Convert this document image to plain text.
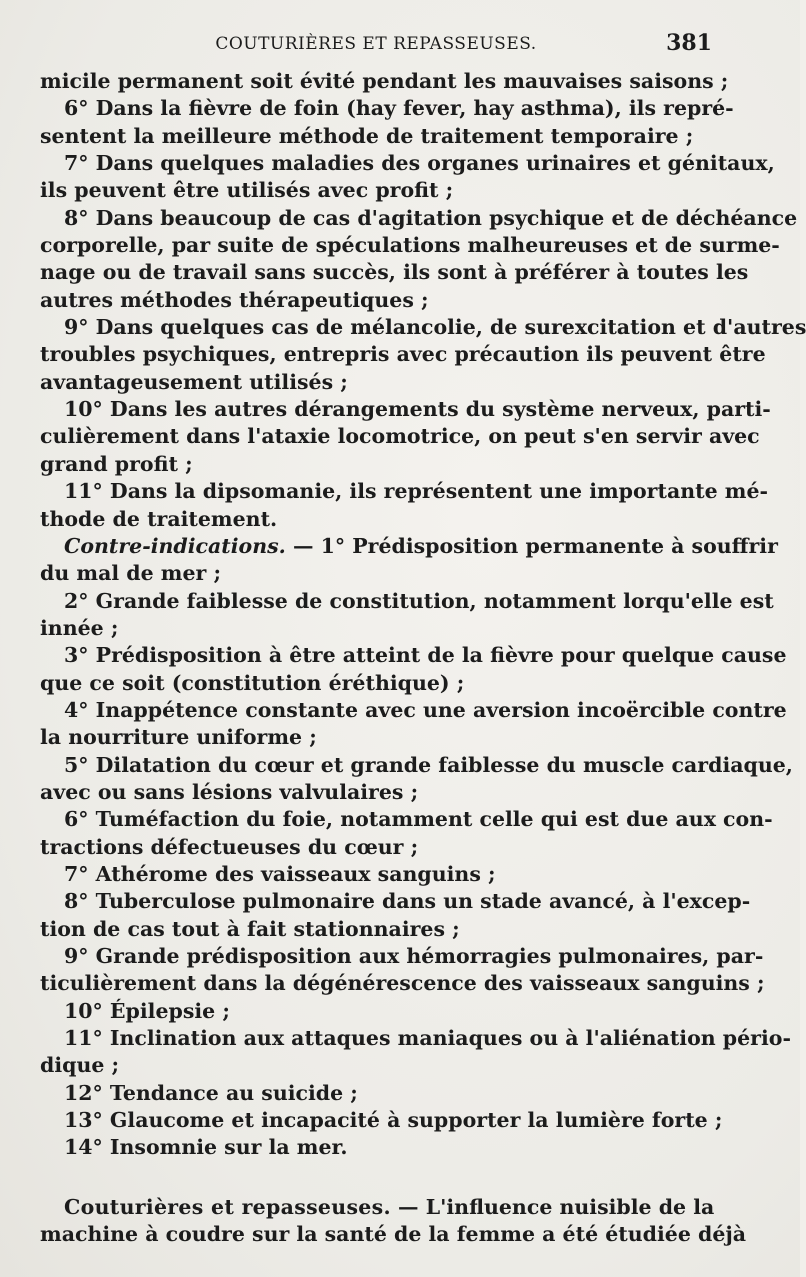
COUTURIÈRES ET REPASSEUSES.	381
micile permanent soit évité pendant les mauvaises saisons ;
6° Dans la fièvre de foin (hay fever, hay asthma), ils repré-
sentent la meilleure méthode de traitement temporaire ;
7° Dans quelques maladies des organes urinaires et génitaux,
ils peuvent être utilisés avec profit ;
8° Dans beaucoup de cas d'agitation psychique et de déchéance
corporelle, par suite de spéculations malheureuses et de surme-
nage ou de travail sans succès, ils sont à préférer à toutes les
autres méthodes thérapeutiques ;
9° Dans quelques cas de mélancolie, de surexcitation et d'autres
troubles psychiques, entrepris avec précaution ils peuvent être
avantageusement utilisés ;
10° Dans les autres dérangements du système nerveux, parti-
culièrement dans l'ataxie locomotrice, on peut s'en servir avec
grand profit ;
11° Dans la dipsomanie, ils représentent une importante mé-
thode de traitement.
Contre-indications. — 1° Prédisposition permanente à souffrir
du mal de mer ;
2° Grande faiblesse de constitution, notamment lorqu'elle est
innée ;
3° Prédisposition à être atteint de la fièvre pour quelque cause
que ce soit (constitution éréthique) ;
4° Inappétence constante avec une aversion incoërcible contre
la nourriture uniforme ;
5° Dilatation du cœur et grande faiblesse du muscle cardiaque,
avec ou sans lésions valvulaires ;
6° Tuméfaction du foie, notamment celle qui est due aux con-
tractions défectueuses du cœur ;
7° Athérome des vaisseaux sanguins ;
8° Tuberculose pulmonaire dans un stade avancé, à l'excep-
tion de cas tout à fait stationnaires ;
9° Grande prédisposition aux hémorragies pulmonaires, par-
ticulièrement dans la dégénérescence des vaisseaux sanguins ;
10° Épilepsie ;
11° Inclination aux attaques maniaques ou à l'aliénation pério-
dique ;
12° Tendance au suicide ;
13° Glaucome et incapacité à supporter la lumière forte ;
14° Insomnie sur la mer.
Couturières et repasseuses. — L'influence nuisible de la
machine à coudre sur la santé de la femme a été étudiée déjà
